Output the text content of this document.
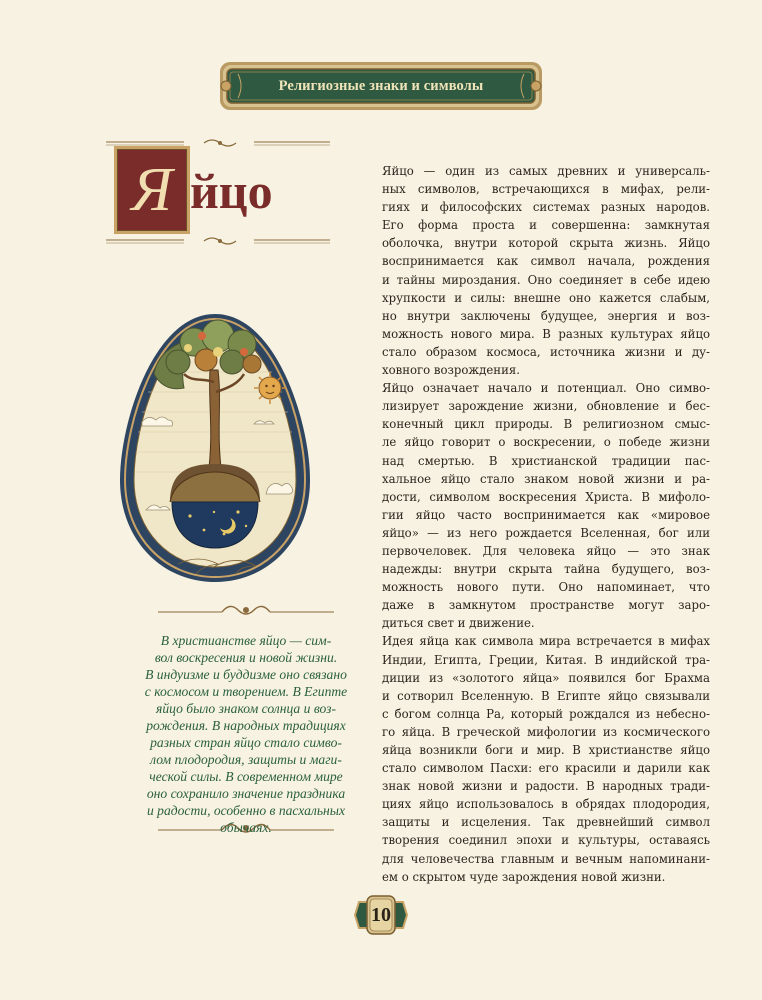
Религиозные знаки и символы
Я йцо
В христианстве яйцо — сим-
вол воскресения и новой жизни.
В индуизме и буддизме оно связано
с космосом и творением. В Египте
яйцо было знаком солнца и воз-
рождения. В народных традициях
разных стран яйцо стало симво-
лом плодородия, защиты и маги-
ческой силы. В современном мире
оно сохранило значение праздника
и радости, особенно в пасхальных
обычаях.
Яйцо — один из самых древних и универсаль-
ных символов, встречающихся в мифах, рели-
гиях и философских системах разных народов.
Его форма проста и совершенна: замкнутая
оболочка, внутри которой скрыта жизнь. Яйцо
воспринимается как символ начала, рождения
и тайны мироздания. Оно соединяет в себе идею
хрупкости и силы: внешне оно кажется слабым,
но внутри заключены будущее, энергия и воз-
можность нового мира. В разных культурах яйцо
стало образом космоса, источника жизни и ду-
ховного возрождения.
Яйцо означает начало и потенциал. Оно симво-
лизирует зарождение жизни, обновление и бес-
конечный цикл природы. В религиозном смыс-
ле яйцо говорит о воскресении, о победе жизни
над смертью. В христианской традиции пас-
хальное яйцо стало знаком новой жизни и ра-
дости, символом воскресения Христа. В мифоло-
гии яйцо часто воспринимается как «мировое
яйцо» — из него рождается Вселенная, бог или
первочеловек. Для человека яйцо — это знак
надежды: внутри скрыта тайна будущего, воз-
можность нового пути. Оно напоминает, что
даже в замкнутом пространстве могут заро-
диться свет и движение.
Идея яйца как символа мира встречается в мифах
Индии, Египта, Греции, Китая. В индийской тра-
диции из «золотого яйца» появился бог Брахма
и сотворил Вселенную. В Египте яйцо связывали
с богом солнца Ра, который рождался из небесно-
го яйца. В греческой мифологии из космического
яйца возникли боги и мир. В христианстве яйцо
стало символом Пасхи: его красили и дарили как
знак новой жизни и радости. В народных тради-
циях яйцо использовалось в обрядах плодородия,
защиты и исцеления. Так древнейший символ
творения соединил эпохи и культуры, оставаясь
для человечества главным и вечным напоминани-
ем о скрытом чуде зарождения новой жизни.
10
